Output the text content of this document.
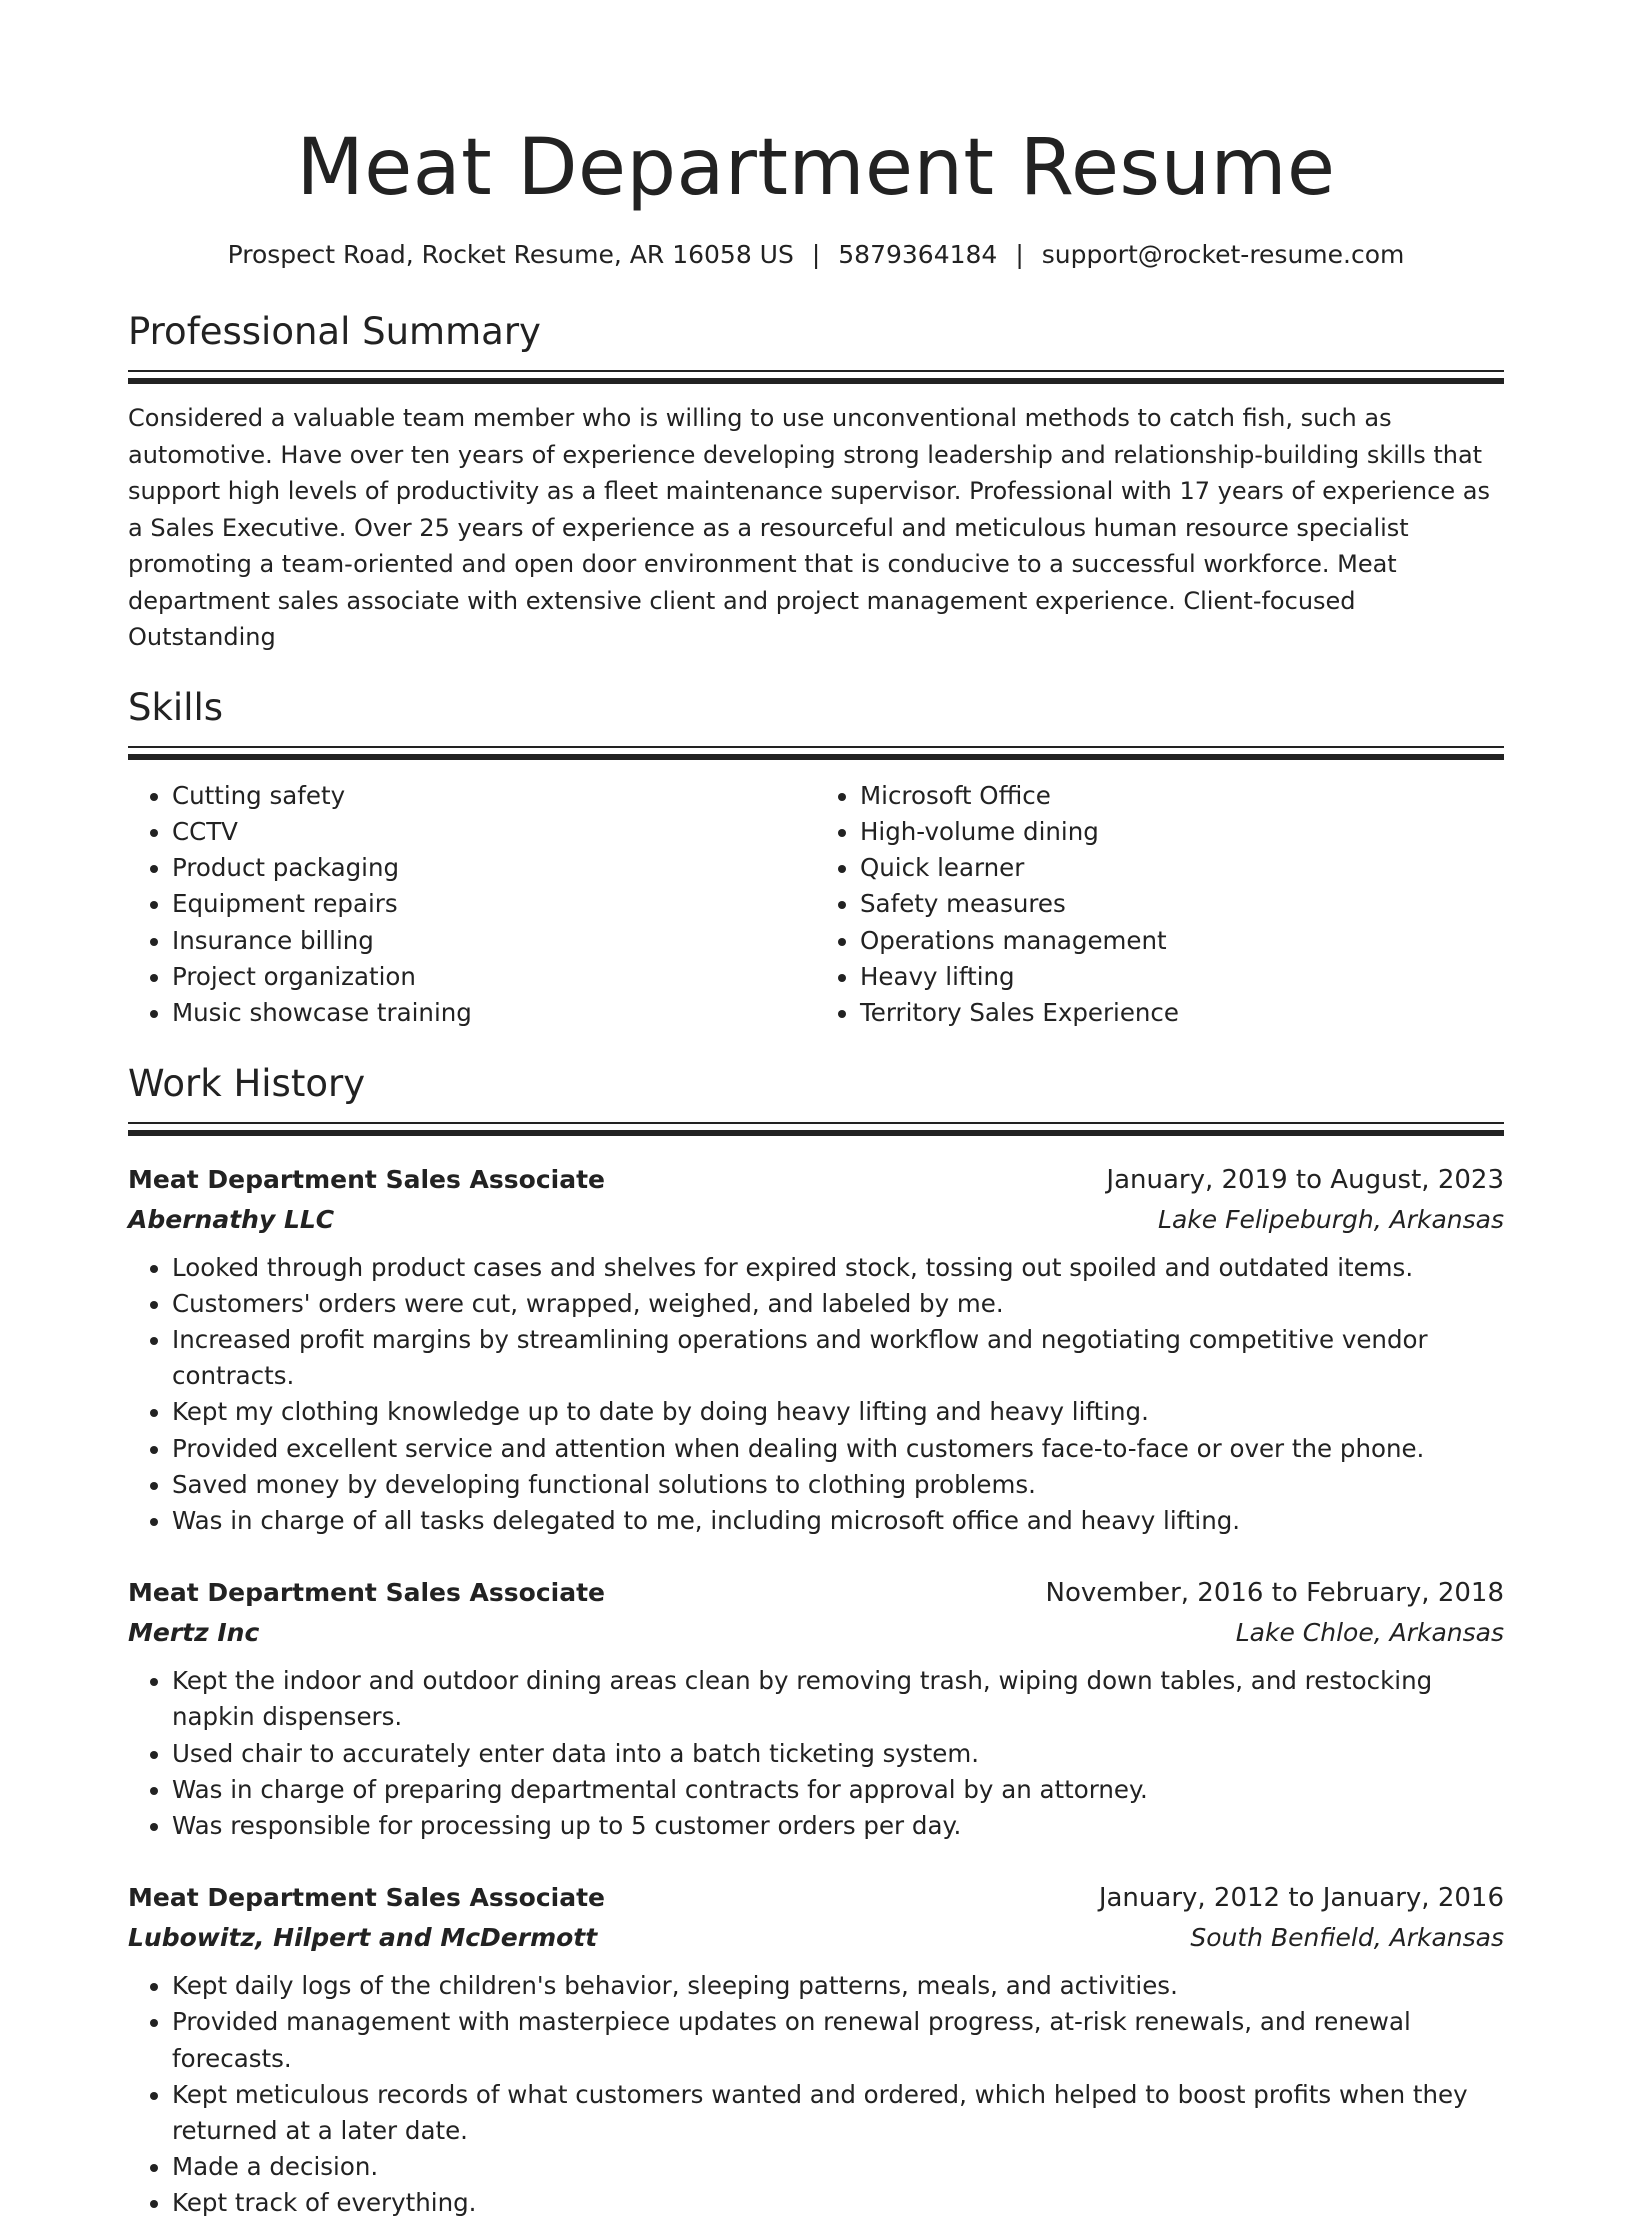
Meat Department Resume
Prospect Road, Rocket Resume, AR 16058 US | 5879364184 | support@rocket-resume.com
Professional Summary

Considered a valuable team member who is willing to use unconventional methods to catch fish, such as automotive. Have over ten years of experience developing strong leadership and relationship-building skills that support high levels of productivity as a fleet maintenance supervisor. Professional with 17 years of experience as a Sales Executive. Over 25 years of experience as a resourceful and meticulous human resource specialist promoting a team-oriented and open door environment that is conducive to a successful workforce. Meat department sales associate with extensive client and project management experience. Client-focused Outstanding

Skills
• Cutting safety
• CCTV
• Product packaging
• Equipment repairs
• Insurance billing
• Project organization
• Music showcase training
• Microsoft Office
• High-volume dining
• Quick learner
• Safety measures
• Operations management
• Heavy lifting
• Territory Sales Experience
Work History
Meat Department Sales Associate	January, 2019 to August, 2023
Abernathy LLC	Lake Felipeburgh, Arkansas
• Looked through product cases and shelves for expired stock, tossing out spoiled and outdated items.
• Customers' orders were cut, wrapped, weighed, and labeled by me.
• Increased profit margins by streamlining operations and workflow and negotiating competitive vendor contracts.
• Kept my clothing knowledge up to date by doing heavy lifting and heavy lifting.
• Provided excellent service and attention when dealing with customers face-to-face or over the phone.
• Saved money by developing functional solutions to clothing problems.
• Was in charge of all tasks delegated to me, including microsoft office and heavy lifting.
Meat Department Sales Associate	November, 2016 to February, 2018
Mertz Inc	Lake Chloe, Arkansas
• Kept the indoor and outdoor dining areas clean by removing trash, wiping down tables, and restocking napkin dispensers.
• Used chair to accurately enter data into a batch ticketing system.
• Was in charge of preparing departmental contracts for approval by an attorney.
• Was responsible for processing up to 5 customer orders per day.
Meat Department Sales Associate	January, 2012 to January, 2016
Lubowitz, Hilpert and McDermott	South Benfield, Arkansas
• Kept daily logs of the children's behavior, sleeping patterns, meals, and activities.
• Provided management with masterpiece updates on renewal progress, at-risk renewals, and renewal forecasts.
• Kept meticulous records of what customers wanted and ordered, which helped to boost profits when they returned at a later date.
• Made a decision.
• Kept track of everything.
